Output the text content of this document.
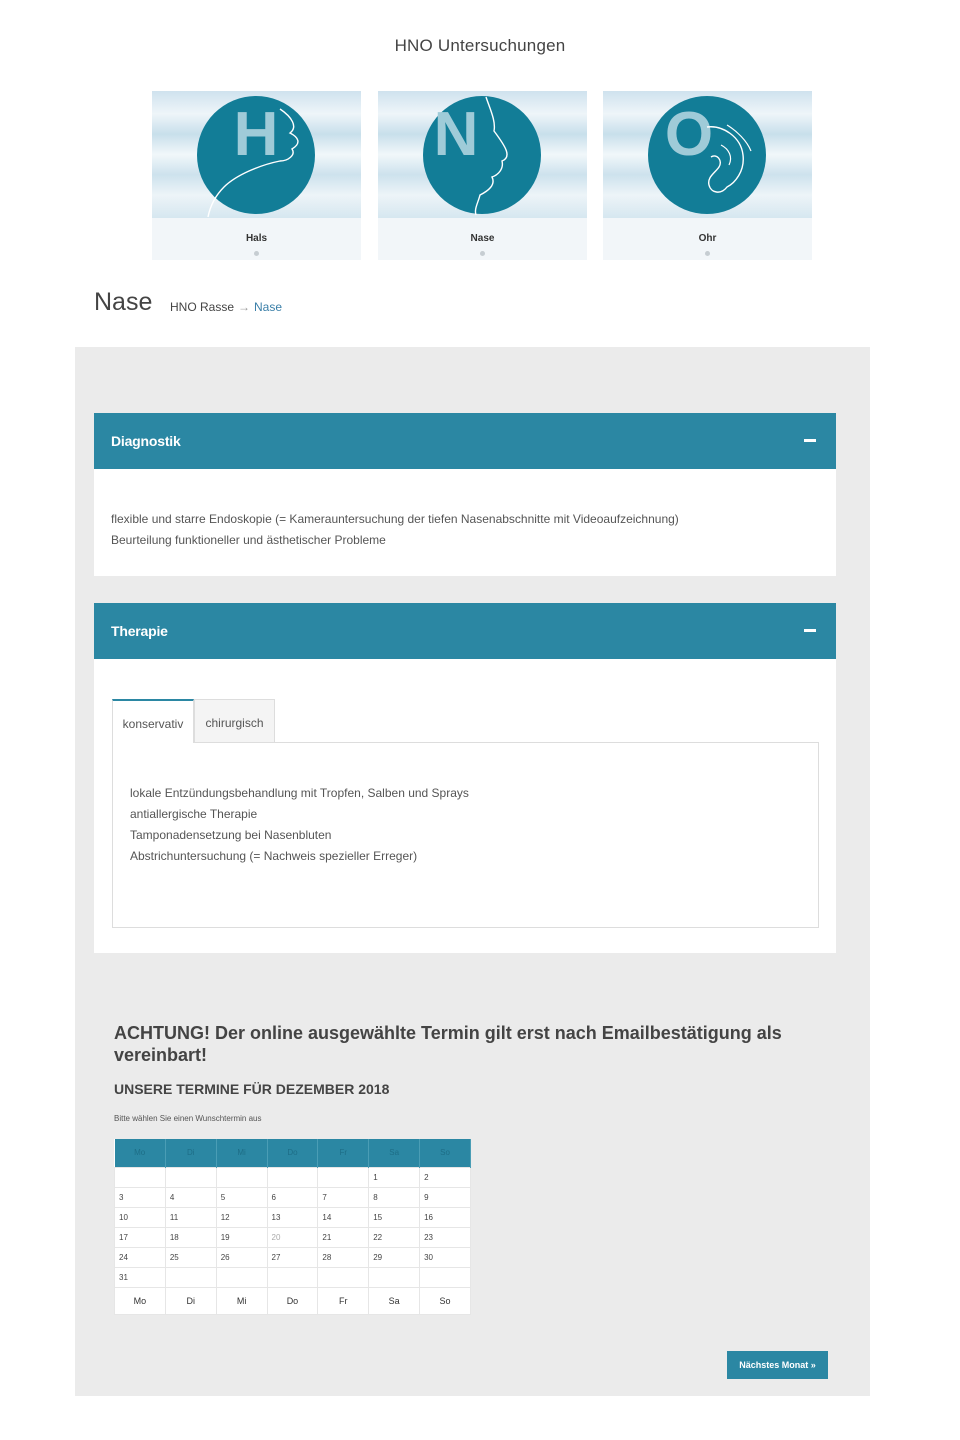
HNO Untersuchungen
H
Hals
N
Nase
O
Ohr
Nase HNO Rasse → Nase
Diagnostik
flexible und starre Endoskopie (= Kamerauntersuchung der tiefen Nasenabschnitte mit Videoaufzeichnung)
Beurteilung funktioneller und ästhetischer Probleme
Therapie
konservativ	chirurgisch
lokale Entzündungsbehandlung mit Tropfen, Salben und Sprays
antiallergische Therapie
Tamponadensetzung bei Nasenbluten
Abstrichuntersuchung (= Nachweis spezieller Erreger)
ACHTUNG! Der online ausgewählte Termin gilt erst nach Emailbestätigung als vereinbart!
UNSERE TERMINE FÜR DEZEMBER 2018
Bitte wählen Sie einen Wunschtermin aus
Mo	Di	Mi	Do	Fr	Sa	So
					1	2
3	4	5	6	7	8	9
10	11	12	13	14	15	16
17	18	19	20	21	22	23
24	25	26	27	28	29	30
31						
Mo	Di	Mi	Do	Fr	Sa	So
Nächstes Monat »
